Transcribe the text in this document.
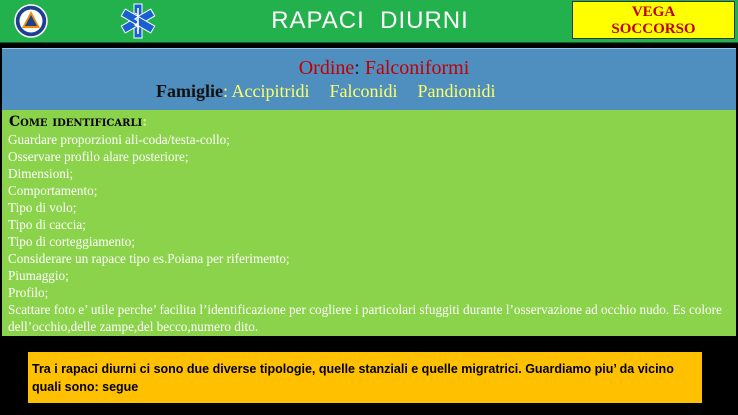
RAPACI  DIURNI	VEGA
SOCCORSO
Ordine: Falconiformi
Famiglie: Accipitridi Falconidi Pandionidi
Come identificarli:
Guardare proporzioni ali-coda/testa-collo;
Osservare profilo alare posteriore;
Dimensioni;
Comportamento;
Tipo di volo;
Tipo di caccia;
Tipo di corteggiamento;
Considerare un rapace tipo es.Poiana per riferimento;
Piumaggio;
Profilo;
Scattare foto e’ utile perche’ facilita l’identificazione per cogliere i particolari sfuggiti durante l’osservazione ad occhio nudo. Es colore dell’occhio,delle zampe,del becco,numero dito.
Tra i rapaci diurni ci sono due diverse tipologie, quelle stanziali e quelle migratrici. Guardiamo piu’ da vicino quali sono: segue
